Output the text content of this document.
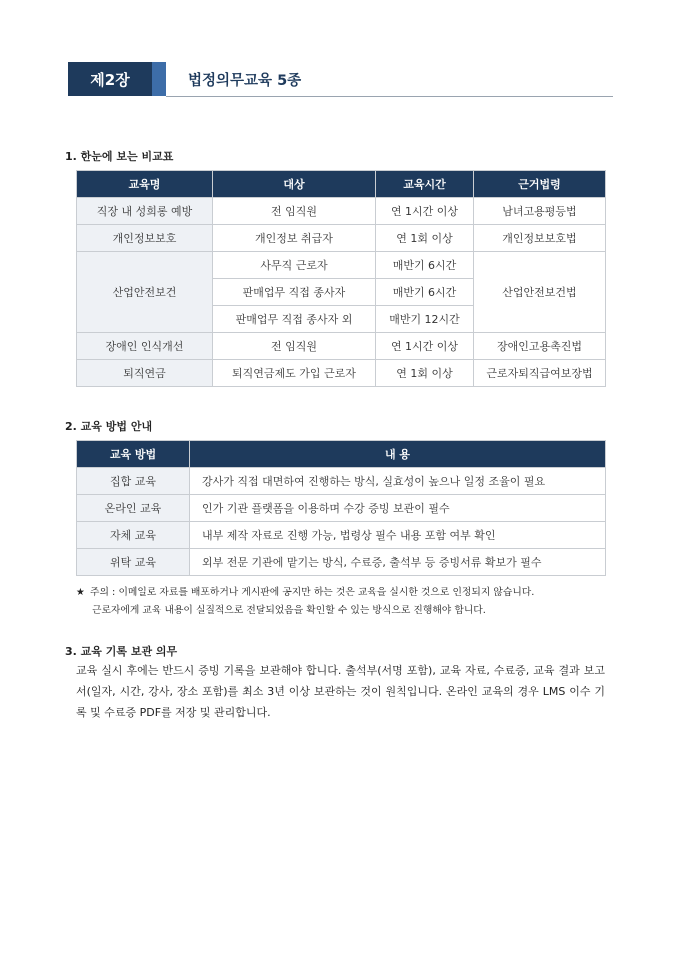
제2장	법정의무교육 5종
1. 한눈에 보는 비교표
교육명	대상	교육시간	근거법령
직장 내 성희롱 예방	전 임직원	연 1시간 이상	남녀고용평등법
개인정보보호	개인정보 취급자	연 1회 이상	개인정보보호법
산업안전보건	사무직 근로자	매반기 6시간	산업안전보건법
	판매업무 직접 종사자	매반기 6시간	
	판매업무 직접 종사자 외	매반기 12시간	
장애인 인식개선	전 임직원	연 1시간 이상	장애인고용촉진법
퇴직연금	퇴직연금제도 가입 근로자	연 1회 이상	근로자퇴직급여보장법
2. 교육 방법 안내
교육 방법	내 용
집합 교육	강사가 직접 대면하여 진행하는 방식, 실효성이 높으나 일정 조율이 필요
온라인 교육	인가 기관 플랫폼을 이용하며 수강 증빙 보관이 필수
자체 교육	내부 제작 자료로 진행 가능, 법령상 필수 내용 포함 여부 확인
위탁 교육	외부 전문 기관에 맡기는 방식, 수료증, 출석부 등 증빙서류 확보가 필수
★ 주의 : 이메일로 자료를 배포하거나 게시판에 공지만 하는 것은 교육을 실시한 것으로 인정되지 않습니다.
근로자에게 교육 내용이 실질적으로 전달되었음을 확인할 수 있는 방식으로 진행해야 합니다.
3. 교육 기록 보관 의무
교육 실시 후에는 반드시 증빙 기록을 보관해야 합니다. 출석부(서명 포함), 교육 자료, 수료증, 교육 결과 보고서(일자, 시간, 강사, 장소 포함)를 최소 3년 이상 보관하는 것이 원칙입니다. 온라인 교육의 경우 LMS 이수 기록 및 수료증 PDF를 저장 및 관리합니다.
